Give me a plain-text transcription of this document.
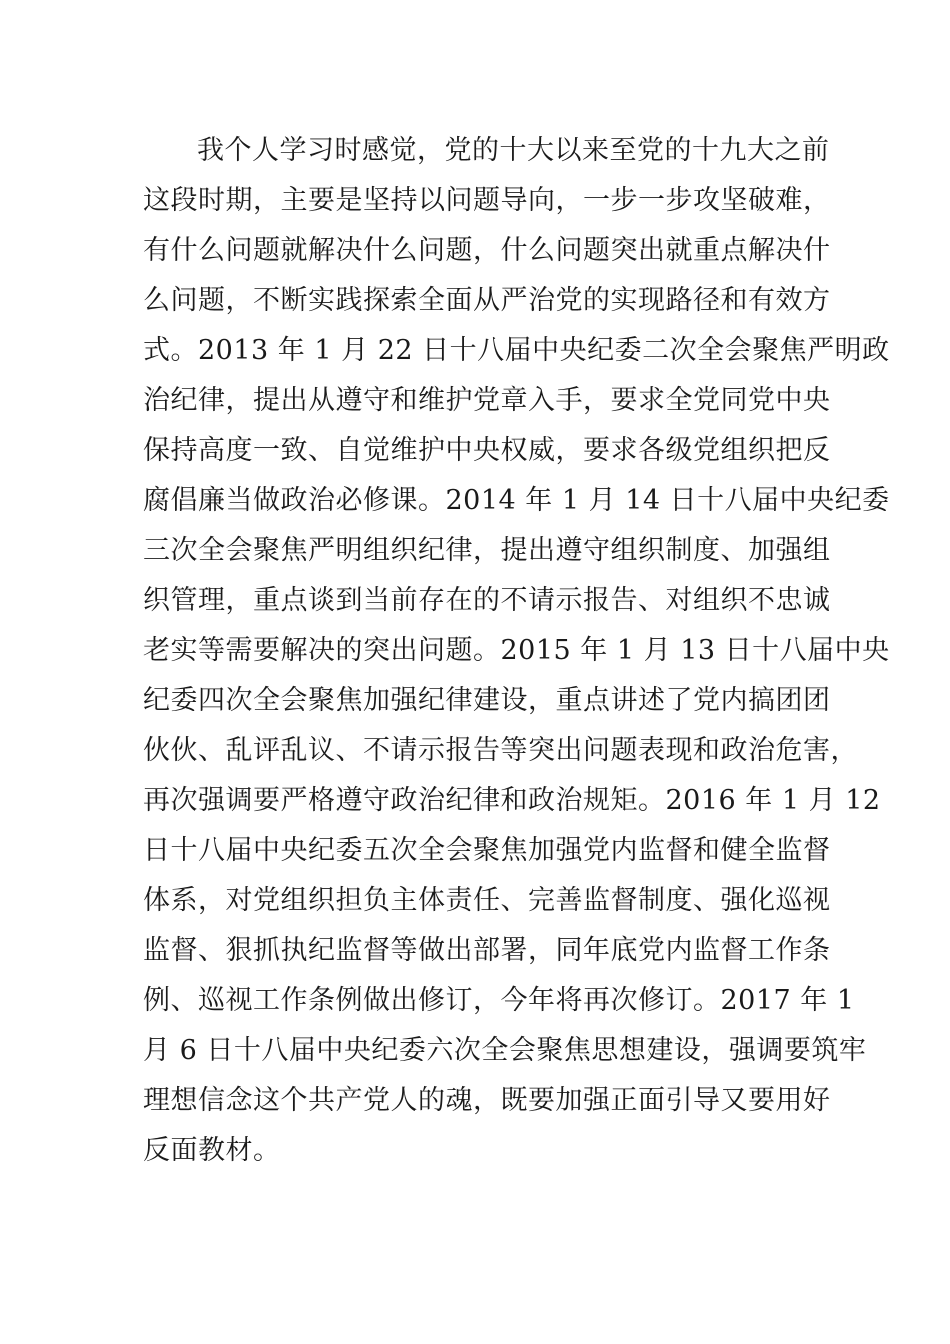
我个人学习时感觉，党的十大以来至党的十九大之前
这段时期，主要是坚持以问题导向，一步一步攻坚破难，
有什么问题就解决什么问题，什么问题突出就重点解决什
么问题，不断实践探索全面从严治党的实现路径和有效方
式。2013 年 1 月 22 日十八届中央纪委二次全会聚焦严明政
治纪律，提出从遵守和维护党章入手，要求全党同党中央
保持高度一致、自觉维护中央权威，要求各级党组织把反
腐倡廉当做政治必修课。2014 年 1 月 14 日十八届中央纪委
三次全会聚焦严明组织纪律，提出遵守组织制度、加强组
织管理，重点谈到当前存在的不请示报告、对组织不忠诚
老实等需要解决的突出问题。2015 年 1 月 13 日十八届中央
纪委四次全会聚焦加强纪律建设，重点讲述了党内搞团团
伙伙、乱评乱议、不请示报告等突出问题表现和政治危害，
再次强调要严格遵守政治纪律和政治规矩。2016 年 1 月 12
日十八届中央纪委五次全会聚焦加强党内监督和健全监督
体系，对党组织担负主体责任、完善监督制度、强化巡视
监督、狠抓执纪监督等做出部署，同年底党内监督工作条
例、巡视工作条例做出修订，今年将再次修订。2017 年 1
月 6 日十八届中央纪委六次全会聚焦思想建设，强调要筑牢
理想信念这个共产党人的魂，既要加强正面引导又要用好
反面教材。
